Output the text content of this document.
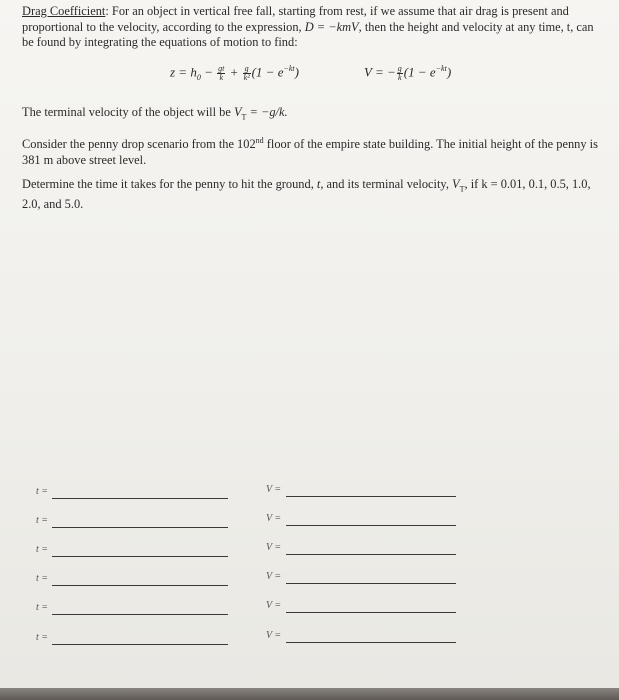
Drag Coefficient: For an object in vertical free fall, starting from rest, if we assume that air drag is present and proportional to the velocity, according to the expression, D = −kmV, then the height and velocity at any time, t, can be found by integrating the equations of motion to find:
$z = h_0 - \frac{gt}{k} + \frac{g}{\text{k²}} (1 - e^{-kt})$	V = − $\frac{g}{k} (1 - e^{-kt})$
The terminal velocity of the object will be $V_T = -g/k$.
Consider the penny drop scenario from the 102nd floor of the empire state building. The initial height of the penny is 381 m above street level.
Determine the time it takes for the penny to hit the ground, t, and its terminal velocity, $V_T$, if k = 0.01, 0.1, 0.5, 1.0, 2.0, and 5.0.
t =	V =
t =	V =
t =	V =
t =	V =
t =	V =
t =	V =
